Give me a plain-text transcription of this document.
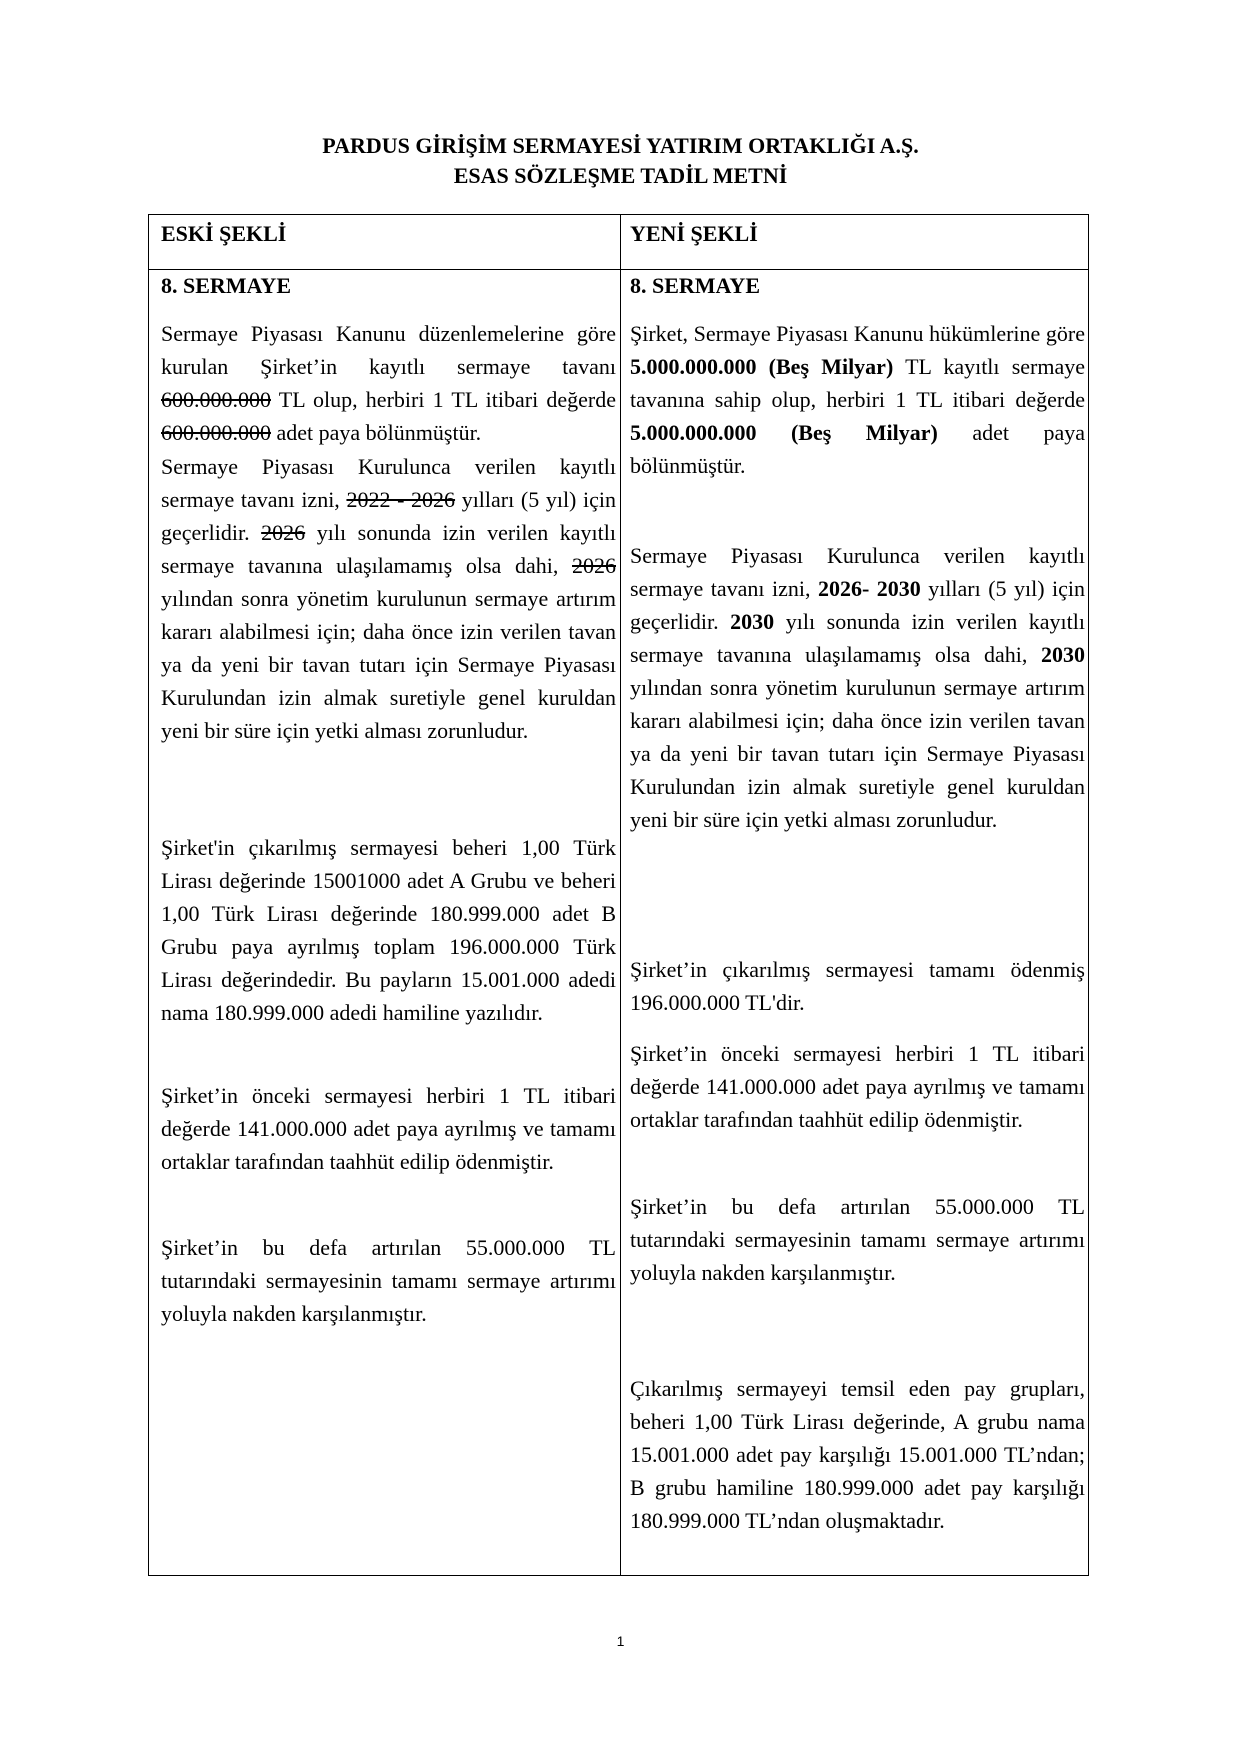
PARDUS GİRİŞİM SERMAYESİ YATIRIM ORTAKLIĞI A.Ş.
ESAS SÖZLEŞME TADİL METNİ
ESKİ ŞEKLİ
8. SERMAYE

Sermaye Piyasası Kanunu düzenlemelerine göre kurulan Şirket’in kayıtlı sermaye tavanı 600.000.000 TL olup, herbiri 1 TL itibari değerde 600.000.000 adet paya bölünmüştür.

Sermaye Piyasası Kurulunca verilen kayıtlı sermaye tavanı izni, 2022 - 2026 yılları (5 yıl) için geçerlidir. 2026 yılı sonunda izin verilen kayıtlı sermaye tavanına ulaşılamamış olsa dahi, 2026 yılından sonra yönetim kurulunun sermaye artırım kararı alabilmesi için; daha önce izin verilen tavan ya da yeni bir tavan tutarı için Sermaye Piyasası Kurulundan izin almak suretiyle genel kuruldan yeni bir süre için yetki alması zorunludur.

Şirket'in çıkarılmış sermayesi beheri 1,00 Türk Lirası değerinde 15001000 adet A Grubu ve beheri 1,00 Türk Lirası değerinde 180.999.000 adet B Grubu paya ayrılmış toplam 196.000.000 Türk Lirası değerindedir. Bu payların 15.001.000 adedi nama 180.999.000 adedi hamiline yazılıdır.

Şirket’in önceki sermayesi herbiri 1 TL itibari değerde 141.000.000 adet paya ayrılmış ve tamamı ortaklar tarafından taahhüt edilip ödenmiştir.

Şirket’in bu defa artırılan 55.000.000 TL tutarındaki sermayesinin tamamı sermaye artırımı yoluyla nakden karşılanmıştır.

YENİ ŞEKLİ
8. SERMAYE

Şirket, Sermaye Piyasası Kanunu hükümlerine göre 5.000.000.000 (Beş Milyar) TL kayıtlı sermaye tavanına sahip olup, herbiri 1 TL itibari değerde 5.000.000.000 (Beş Milyar) adet paya bölünmüştür.

Sermaye Piyasası Kurulunca verilen kayıtlı sermaye tavanı izni, 2026- 2030 yılları (5 yıl) için geçerlidir. 2030 yılı sonunda izin verilen kayıtlı sermaye tavanına ulaşılamamış olsa dahi, 2030 yılından sonra yönetim kurulunun sermaye artırım kararı alabilmesi için; daha önce izin verilen tavan ya da yeni bir tavan tutarı için Sermaye Piyasası Kurulundan izin almak suretiyle genel kuruldan yeni bir süre için yetki alması zorunludur.

Şirket’in çıkarılmış sermayesi tamamı ödenmiş 196.000.000 TL'dir.

Şirket’in önceki sermayesi herbiri 1 TL itibari değerde 141.000.000 adet paya ayrılmış ve tamamı ortaklar tarafından taahhüt edilip ödenmiştir.

Şirket’in bu defa artırılan 55.000.000 TL tutarındaki sermayesinin tamamı sermaye artırımı yoluyla nakden karşılanmıştır.

Çıkarılmış sermayeyi temsil eden pay grupları, beheri 1,00 Türk Lirası değerinde, A grubu nama 15.001.000 adet pay karşılığı 15.001.000 TL’ndan; B grubu hamiline 180.999.000 adet pay karşılığı 180.999.000 TL’ndan oluşmaktadır.

1
